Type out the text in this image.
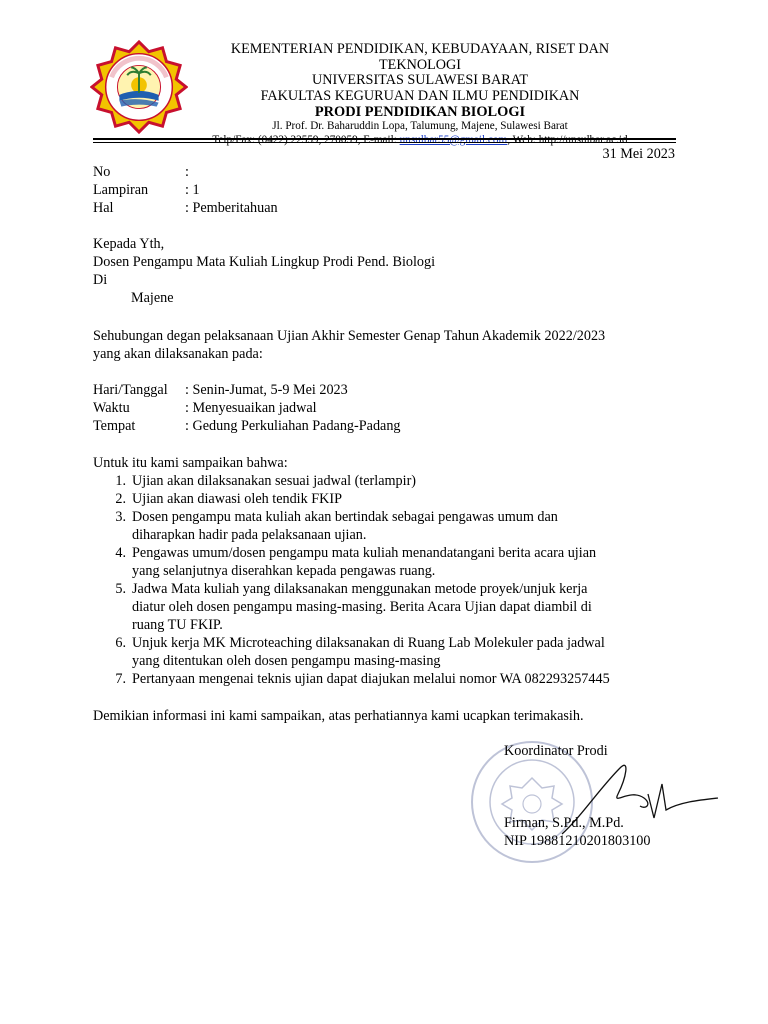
KEMENTERIAN PENDIDIKAN, KEBUDAYAAN, RISET DAN TEKNOLOGI
UNIVERSITAS SULAWESI BARAT
FAKULTAS KEGURUAN DAN ILMU PENDIDIKAN
PRODI PENDIDIKAN BIOLOGI
Jl. Prof. Dr. Baharuddin Lopa, Talumung, Majene, Sulawesi Barat
Telp/Fax: (0422) 22559, 270059, E-mail: unsulbar55@gmail.com, Web: http://unsulbar.ac.id
31 Mei 2023
No	:
Lampiran	: 1
Hal	: Pemberitahuan
Kepada Yth,
Dosen Pengampu Mata Kuliah Lingkup Prodi Pend. Biologi
Di
Majene
Sehubungan degan pelaksanaan Ujian Akhir Semester Genap Tahun Akademik 2022/2023
yang akan dilaksanakan pada:
Hari/Tanggal	: Senin-Jumat, 5-9 Mei 2023
Waktu	: Menyesuaikan jadwal
Tempat	: Gedung Perkuliahan Padang-Padang
Untuk itu kami sampaikan bahwa:
1. Ujian akan dilaksanakan sesuai jadwal (terlampir)
2. Ujian akan diawasi oleh tendik FKIP
3. Dosen pengampu mata kuliah akan bertindak sebagai pengawas umum dan
diharapkan hadir pada pelaksanaan ujian.
4. Pengawas umum/dosen pengampu mata kuliah menandatangani berita acara ujian
yang selanjutnya diserahkan kepada pengawas ruang.
5. Jadwa Mata kuliah yang dilaksanakan menggunakan metode proyek/unjuk kerja
diatur oleh dosen pengampu masing-masing. Berita Acara Ujian dapat diambil di
ruang TU FKIP.
6. Unjuk kerja MK Microteaching dilaksanakan di Ruang Lab Molekuler pada jadwal
yang ditentukan oleh dosen pengampu masing-masing
7. Pertanyaan mengenai teknis ujian dapat diajukan melalui nomor WA 082293257445
Demikian informasi ini kami sampaikan, atas perhatiannya kami ucapkan terimakasih.
Koordinator Prodi
Firman, S.Pd., M.Pd.
NIP 19881210201803100
